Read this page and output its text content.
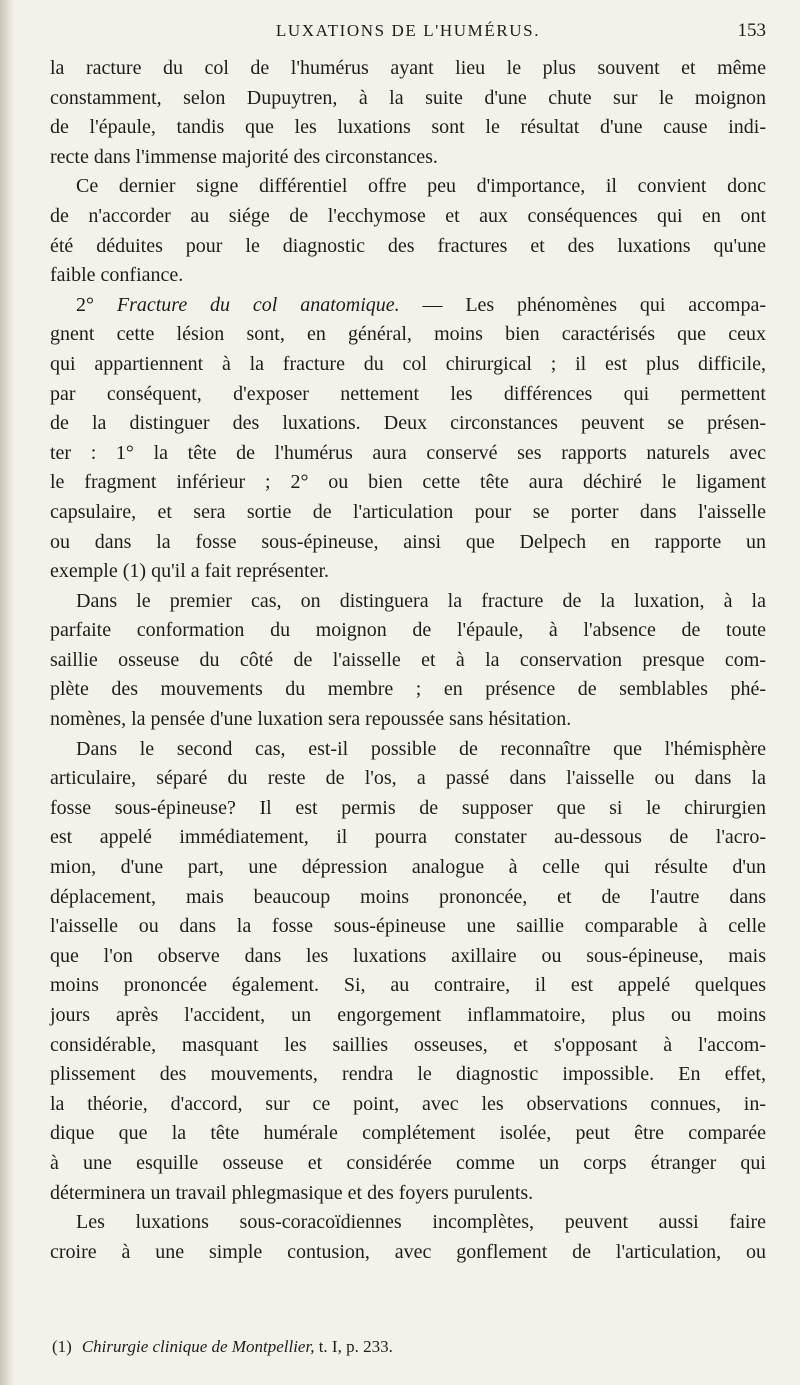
LUXATIONS DE L'HUMÉRUS.	153
la racture du col de l'humérus ayant lieu le plus souvent et même
constamment, selon Dupuytren, à la suite d'une chute sur le moignon
de l'épaule, tandis que les luxations sont le résultat d'une cause indi-
recte dans l'immense majorité des circonstances.
Ce dernier signe différentiel offre peu d'importance, il convient donc
de n'accorder au siége de l'ecchymose et aux conséquences qui en ont
été déduites pour le diagnostic des fractures et des luxations qu'une
faible confiance.
2° Fracture du col anatomique. — Les phénomènes qui accompa-
gnent cette lésion sont, en général, moins bien caractérisés que ceux
qui appartiennent à la fracture du col chirurgical ; il est plus difficile,
par conséquent, d'exposer nettement les différences qui permettent
de la distinguer des luxations. Deux circonstances peuvent se présen-
ter : 1° la tête de l'humérus aura conservé ses rapports naturels avec
le fragment inférieur ; 2° ou bien cette tête aura déchiré le ligament
capsulaire, et sera sortie de l'articulation pour se porter dans l'aisselle
ou dans la fosse sous-épineuse, ainsi que Delpech en rapporte un
exemple (1) qu'il a fait représenter.
Dans le premier cas, on distinguera la fracture de la luxation, à la
parfaite conformation du moignon de l'épaule, à l'absence de toute
saillie osseuse du côté de l'aisselle et à la conservation presque com-
plète des mouvements du membre ; en présence de semblables phé-
nomènes, la pensée d'une luxation sera repoussée sans hésitation.
Dans le second cas, est-il possible de reconnaître que l'hémisphère
articulaire, séparé du reste de l'os, a passé dans l'aisselle ou dans la
fosse sous-épineuse? Il est permis de supposer que si le chirurgien
est appelé immédiatement, il pourra constater au-dessous de l'acro-
mion, d'une part, une dépression analogue à celle qui résulte d'un
déplacement, mais beaucoup moins prononcée, et de l'autre dans
l'aisselle ou dans la fosse sous-épineuse une saillie comparable à celle
que l'on observe dans les luxations axillaire ou sous-épineuse, mais
moins prononcée également. Si, au contraire, il est appelé quelques
jours après l'accident, un engorgement inflammatoire, plus ou moins
considérable, masquant les saillies osseuses, et s'opposant à l'accom-
plissement des mouvements, rendra le diagnostic impossible. En effet,
la théorie, d'accord, sur ce point, avec les observations connues, in-
dique que la tête humérale complétement isolée, peut être comparée
à une esquille osseuse et considérée comme un corps étranger qui
déterminera un travail phlegmasique et des foyers purulents.
Les luxations sous-coracoïdiennes incomplètes, peuvent aussi faire
croire à une simple contusion, avec gonflement de l'articulation, ou
(1) Chirurgie clinique de Montpellier, t. I, p. 233.
